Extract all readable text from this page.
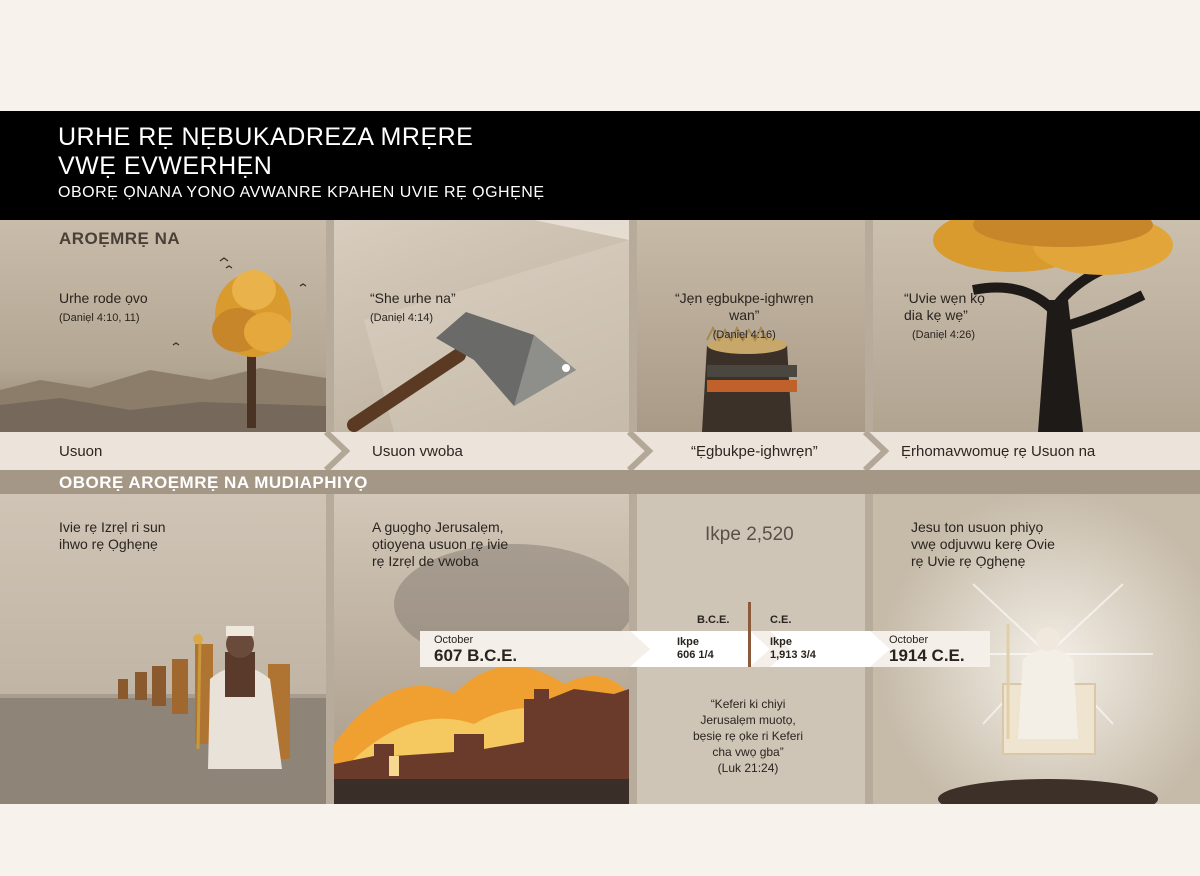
URHE RẸ NẸBUKADREZA MRẸRE
VWẸ EVWERHẸN

OBORẸ ỌNANA YONO AVWANRE KPAHEN UVIE RẸ ỌGHẸNẸ

Urhe rode ọvo

(Daniẹl 4:10, 11)

“She urhe na”

(Daniẹl 4:14)

“Jẹn ẹgbukpe-ighwrẹn
wan”

(Daniẹl 4:16)

“Uvie wẹn kọ
dia kẹ wẹ”

(Daniẹl 4:26)

AROẸMRẸ NA

Usuon	Usuon vwoba	“Ẹgbukpe-ighwrẹn”	Ẹrhomavwomuẹ rẹ Usuon na

OBORẸ AROẸMRẸ NA MUDIAPHIYỌ

Ivie rẹ Izrẹl ri sun
ihwo rẹ Ọghẹnẹ

A guọghọ Jerusalẹm,
ọtiọyena usuon rẹ ivie
rẹ Izrẹl de vwoba

Ikpe 2,520

“Keferi ki chiyi
Jerusalẹm muotọ,
bẹsiẹ rẹ ọke ri Keferi
cha vwọ gba”

(Luk 21:24)

Jesu ton usuon phiyọ
vwẹ odjuvwu kerẹ Ovie
rẹ Uvie rẹ Ọghẹnẹ

October

607 B.C.E.

Ikpe
606 1/4

Ikpe
1,913 3/4

October

1914 C.E.

B.C.E.	C.E.
